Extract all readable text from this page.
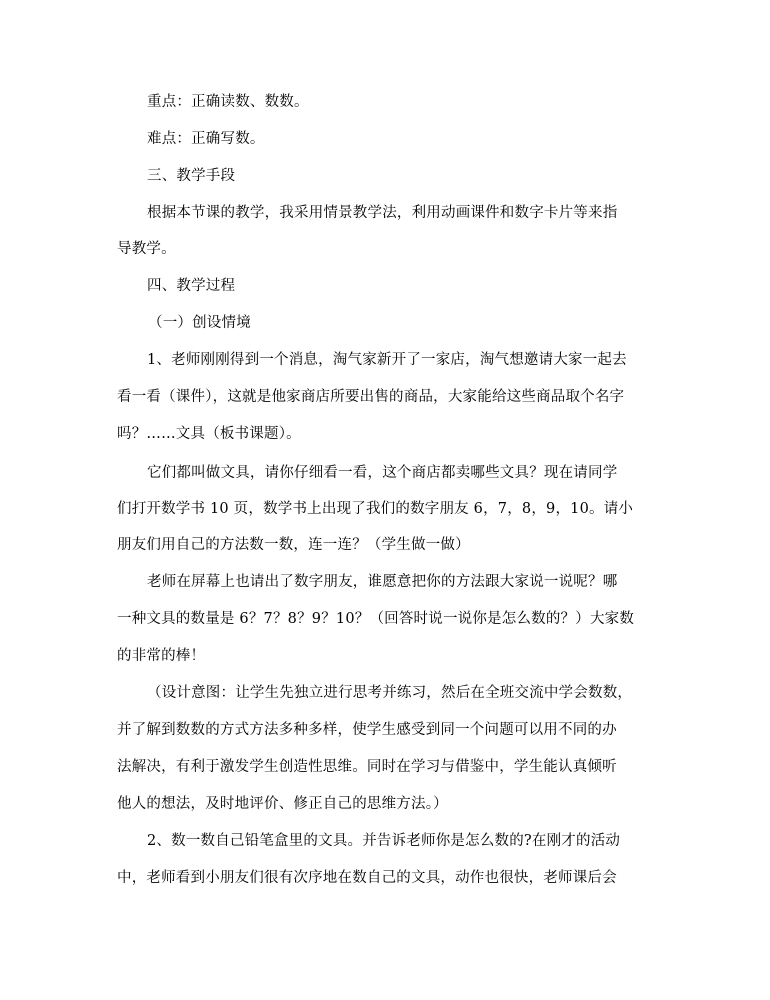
重点：正确读数、数数。
难点：正确写数。
三、教学手段
根据本节课的教学，我采用情景教学法，利用动画课件和数字卡片等来指
导教学。
四、教学过程
（一）创设情境
1、老师刚刚得到一个消息，淘气家新开了一家店，淘气想邀请大家一起去
看一看（课件），这就是他家商店所要出售的商品，大家能给这些商品取个名字
吗？……文具（板书课题）。
它们都叫做文具，请你仔细看一看，这个商店都卖哪些文具？现在请同学
们打开数学书 10 页，数学书上出现了我们的数字朋友 6，7，8，9，10。请小
朋友们用自己的方法数一数，连一连？（学生做一做）
老师在屏幕上也请出了数字朋友，谁愿意把你的方法跟大家说一说呢？哪
一种文具的数量是 6？7？8？9？10？（回答时说一说你是怎么数的？）大家数
的非常的棒！
（设计意图：让学生先独立进行思考并练习，然后在全班交流中学会数数，
并了解到数数的方式方法多种多样，使学生感受到同一个问题可以用不同的办
法解决，有利于激发学生创造性思维。同时在学习与借鉴中，学生能认真倾听
他人的想法，及时地评价、修正自己的思维方法。）
2、数一数自己铅笔盒里的文具。并告诉老师你是怎么数的?在刚才的活动
中，老师看到小朋友们很有次序地在数自己的文具，动作也很快，老师课后会
